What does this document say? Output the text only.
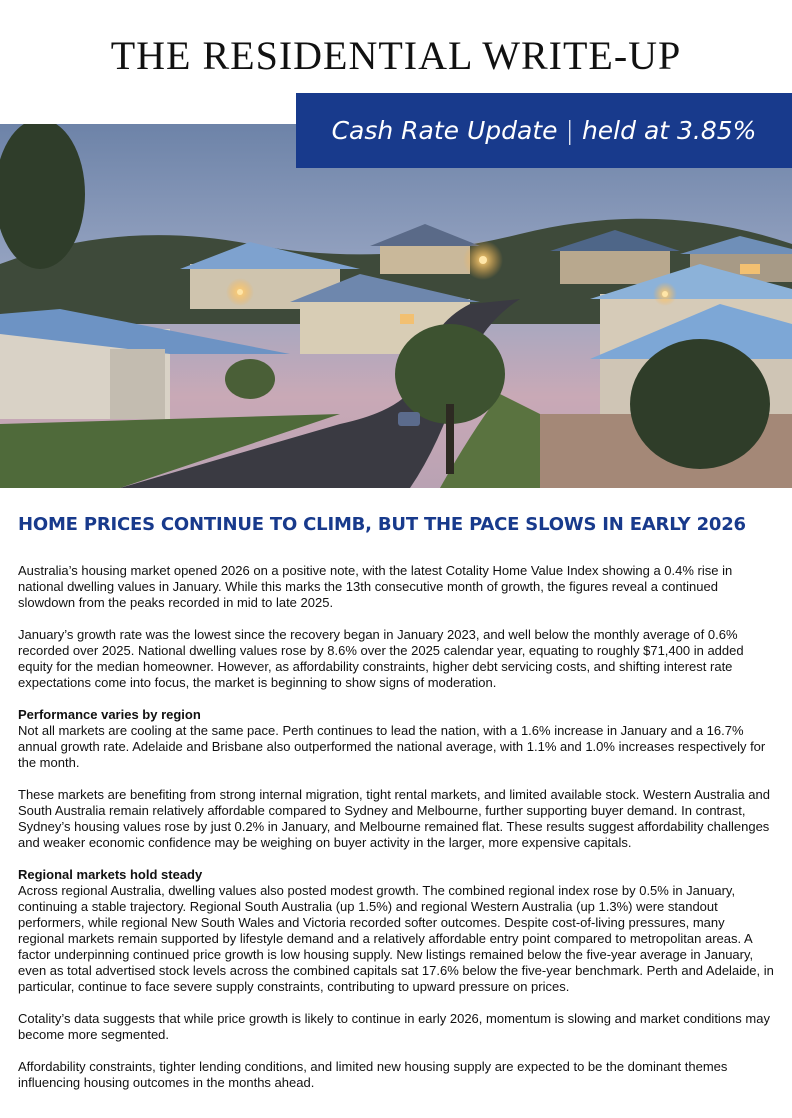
THE RESIDENTIAL WRITE-UP
Cash Rate Update | held at 3.85%
HOME PRICES CONTINUE TO CLIMB, BUT THE PACE SLOWS IN EARLY 2026

Australia’s housing market opened 2026 on a positive note, with the latest Cotality Home Value Index showing a 0.4% rise in national dwelling values in January. While this marks the 13th consecutive month of growth, the figures reveal a continued slowdown from the peaks recorded in mid to late 2025.

January’s growth rate was the lowest since the recovery began in January 2023, and well below the monthly average of 0.6% recorded over 2025. National dwelling values rose by 8.6% over the 2025 calendar year, equating to roughly $71,400 in added equity for the median homeowner. However, as affordability constraints, higher debt servicing costs, and shifting interest rate expectations come into focus, the market is beginning to show signs of moderation.

Performance varies by region

Not all markets are cooling at the same pace. Perth continues to lead the nation, with a 1.6% increase in January and a 16.7% annual growth rate. Adelaide and Brisbane also outperformed the national average, with 1.1% and 1.0% increases respectively for the month.

These markets are benefiting from strong internal migration, tight rental markets, and limited available stock. Western Australia and South Australia remain relatively affordable compared to Sydney and Melbourne, further supporting buyer demand. In contrast, Sydney’s housing values rose by just 0.2% in January, and Melbourne remained flat. These results suggest affordability challenges and weaker economic confidence may be weighing on buyer activity in the larger, more expensive capitals.

Regional markets hold steady

Across regional Australia, dwelling values also posted modest growth. The combined regional index rose by 0.5% in January, continuing a stable trajectory. Regional South Australia (up 1.5%) and regional Western Australia (up 1.3%) were standout performers, while regional New South Wales and Victoria recorded softer outcomes. Despite cost-of-living pressures, many regional markets remain supported by lifestyle demand and a relatively affordable entry point compared to metropolitan areas. A factor underpinning continued price growth is low housing supply. New listings remained below the five-year average in January, even as total advertised stock levels across the combined capitals sat 17.6% below the five-year benchmark. Perth and Adelaide, in particular, continue to face severe supply constraints, contributing to upward pressure on prices.

Cotality’s data suggests that while price growth is likely to continue in early 2026, momentum is slowing and market conditions may become more segmented.

Affordability constraints, tighter lending conditions, and limited new housing supply are expected to be the dominant themes influencing housing outcomes in the months ahead.
